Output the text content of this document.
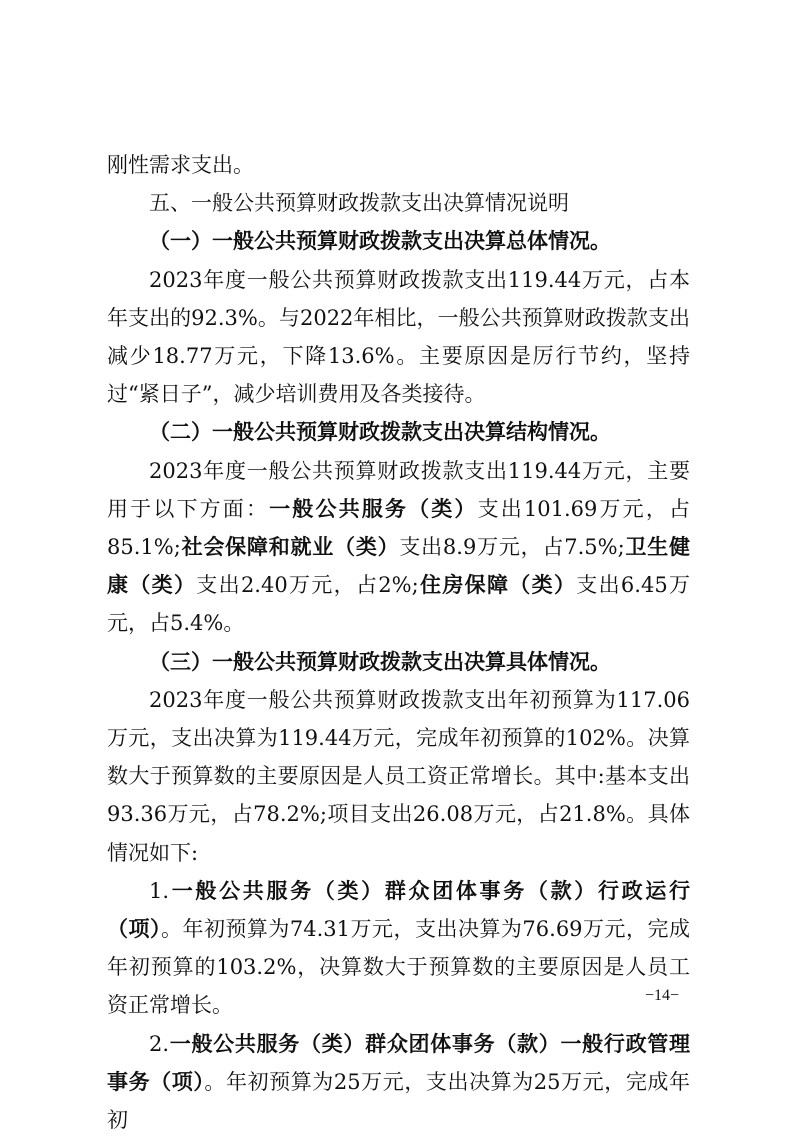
刚性需求支出。

五、一般公共预算财政拨款支出决算情况说明

（一）一般公共预算财政拨款支出决算总体情况。

2023年度一般公共预算财政拨款支出119.44万元，占本年支出的92.3%。与2022年相比，一般公共预算财政拨款支出减少18.77万元，下降13.6%。主要原因是厉行节约，坚持过“紧日子”，减少培训费用及各类接待。

（二）一般公共预算财政拨款支出决算结构情况。

2023年度一般公共预算财政拨款支出119.44万元，主要用于以下方面：一般公共服务（类）支出101.69万元，占85.1%;社会保障和就业（类）支出8.9万元，占7.5%;卫生健康（类）支出2.40万元，占2%;住房保障（类）支出6.45万元，占5.4%。

（三）一般公共预算财政拨款支出决算具体情况。

2023年度一般公共预算财政拨款支出年初预算为117.06万元，支出决算为119.44万元，完成年初预算的102%。决算数大于预算数的主要原因是人员工资正常增长。其中:基本支出93.36万元，占78.2%;项目支出26.08万元，占21.8%。具体情况如下:

1.一般公共服务（类）群众团体事务（款）行政运行（项）。年初预算为74.31万元，支出决算为76.69万元，完成年初预算的103.2%，决算数大于预算数的主要原因是人员工资正常增长。

2.一般公共服务（类）群众团体事务（款）一般行政管理事务（项）。年初预算为25万元，支出决算为25万元，完成年初

−14−
